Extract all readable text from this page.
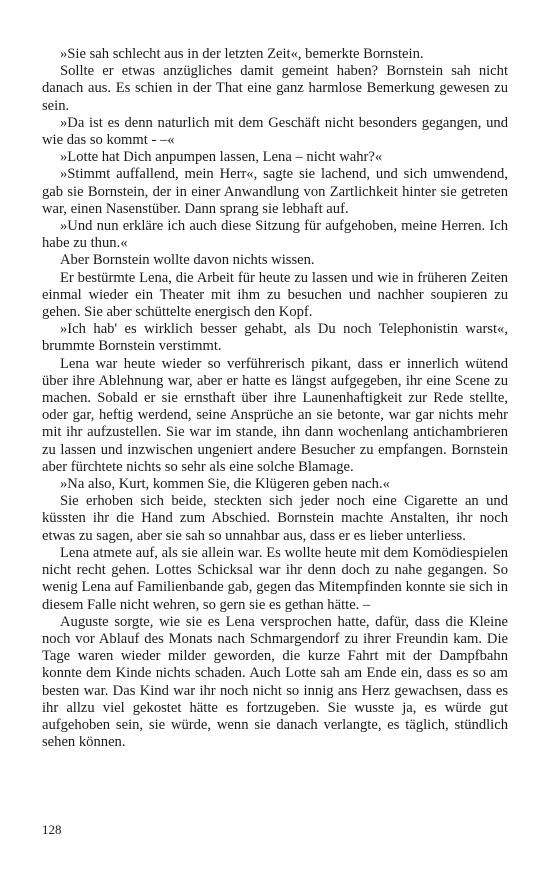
»Sie sah schlecht aus in der letzten Zeit«, bemerkte Bornstein.

Sollte er etwas anzügliches damit gemeint haben? Bornstein sah nicht danach aus. Es schien in der That eine ganz harmlose Bemerkung gewesen zu sein.

»Da ist es denn naturlich mit dem Geschäft nicht besonders gegangen, und wie das so kommt - –«

»Lotte hat Dich anpumpen lassen, Lena – nicht wahr?«

»Stimmt auffallend, mein Herr«, sagte sie lachend, und sich umwendend, gab sie Bornstein, der in einer Anwandlung von Zartlichkeit hinter sie getreten war, einen Nasenstüber. Dann sprang sie lebhaft auf.

»Und nun erkläre ich auch diese Sitzung für aufgehoben, meine Herren. Ich habe zu thun.«

Aber Bornstein wollte davon nichts wissen.

Er bestürmte Lena, die Arbeit für heute zu lassen und wie in früheren Zeiten einmal wieder ein Theater mit ihm zu besuchen und nachher soupieren zu gehen. Sie aber schüttelte energisch den Kopf.

»Ich hab' es wirklich besser gehabt, als Du noch Telephonistin warst«, brummte Bornstein verstimmt.

Lena war heute wieder so verführerisch pikant, dass er innerlich wütend über ihre Ablehnung war, aber er hatte es längst aufgegeben, ihr eine Scene zu machen. Sobald er sie ernsthaft über ihre Launenhaftigkeit zur Rede stellte, oder gar, heftig werdend, seine Ansprüche an sie betonte, war gar nichts mehr mit ihr aufzustellen. Sie war im stande, ihn dann wochenlang antichambrieren zu lassen und inzwischen ungeniert andere Besucher zu empfangen. Bornstein aber fürchtete nichts so sehr als eine solche Blamage.

»Na also, Kurt, kommen Sie, die Klügeren geben nach.«

Sie erhoben sich beide, steckten sich jeder noch eine Cigarette an und küssten ihr die Hand zum Abschied. Bornstein machte Anstalten, ihr noch etwas zu sagen, aber sie sah so unnahbar aus, dass er es lieber unterliess.

Lena atmete auf, als sie allein war. Es wollte heute mit dem Komödiespielen nicht recht gehen. Lottes Schicksal war ihr denn doch zu nahe gegangen. So wenig Lena auf Familienbande gab, gegen das Mitempfinden konnte sie sich in diesem Falle nicht wehren, so gern sie es gethan hätte. –

Auguste sorgte, wie sie es Lena versprochen hatte, dafür, dass die Kleine noch vor Ablauf des Monats nach Schmargendorf zu ihrer Freundin kam. Die Tage waren wieder milder geworden, die kurze Fahrt mit der Dampfbahn konnte dem Kinde nichts schaden. Auch Lotte sah am Ende ein, dass es so am besten war. Das Kind war ihr noch nicht so innig ans Herz gewachsen, dass es ihr allzu viel gekostet hätte es fortzugeben. Sie wusste ja, es würde gut aufgehoben sein, sie würde, wenn sie danach verlangte, es täglich, stündlich sehen können.

128
